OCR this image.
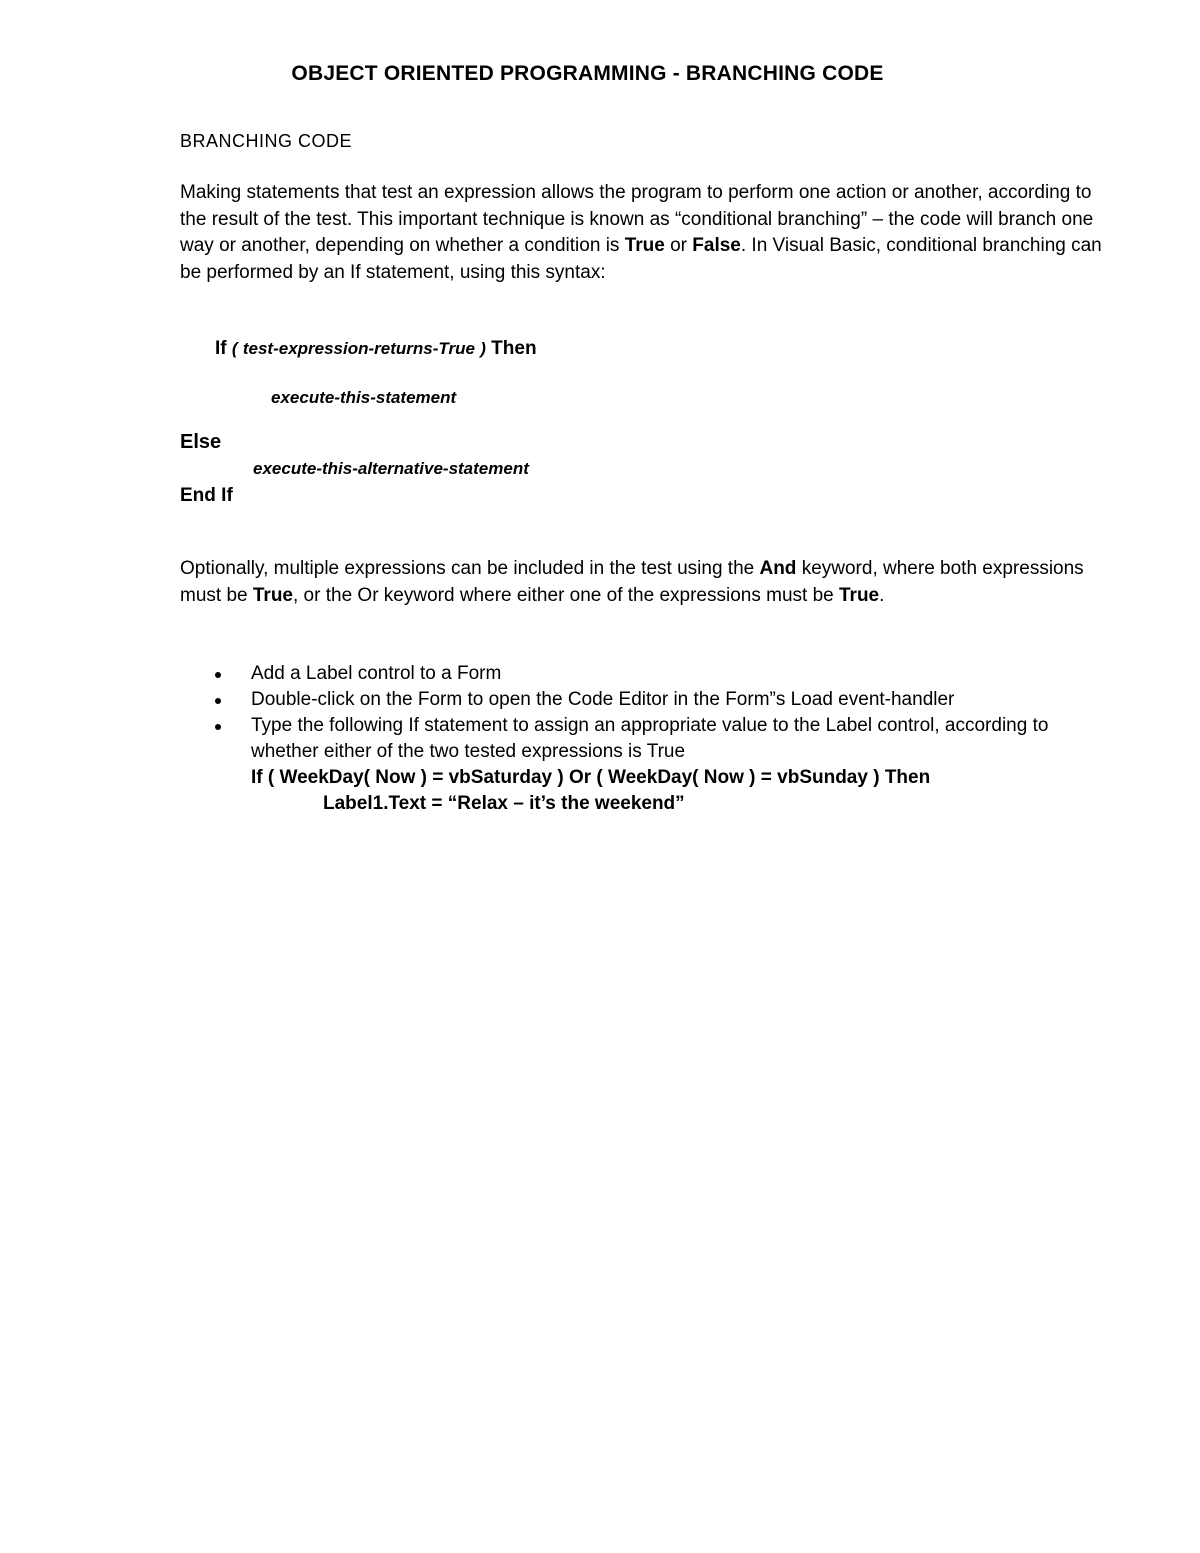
OBJECT ORIENTED PROGRAMMING - BRANCHING CODE
BRANCHING CODE
Making statements that test an expression allows the program to perform one action or another, according to the result of the test. This important technique is known as “conditional branching” – the code will branch one way or another, depending on whether a condition is True or False. In Visual Basic, conditional branching can be performed by an If statement, using this syntax:
If ( test-expression-returns-True ) Then
execute-this-statement
Else
execute-this-alternative-statement
End If
Optionally, multiple expressions can be included in the test using the And keyword, where both expressions must be True, or the Or keyword where either one of the expressions must be True.
Add a Label control to a Form
Double-click on the Form to open the Code Editor in the Form”s Load event-handler
Type the following If statement to assign an appropriate value to the Label control, according to whether either of the two tested expressions is True
If ( WeekDay( Now ) = vbSaturday ) Or ( WeekDay( Now ) = vbSunday ) Then
Label1.Text = “Relax – it’s the weekend”
